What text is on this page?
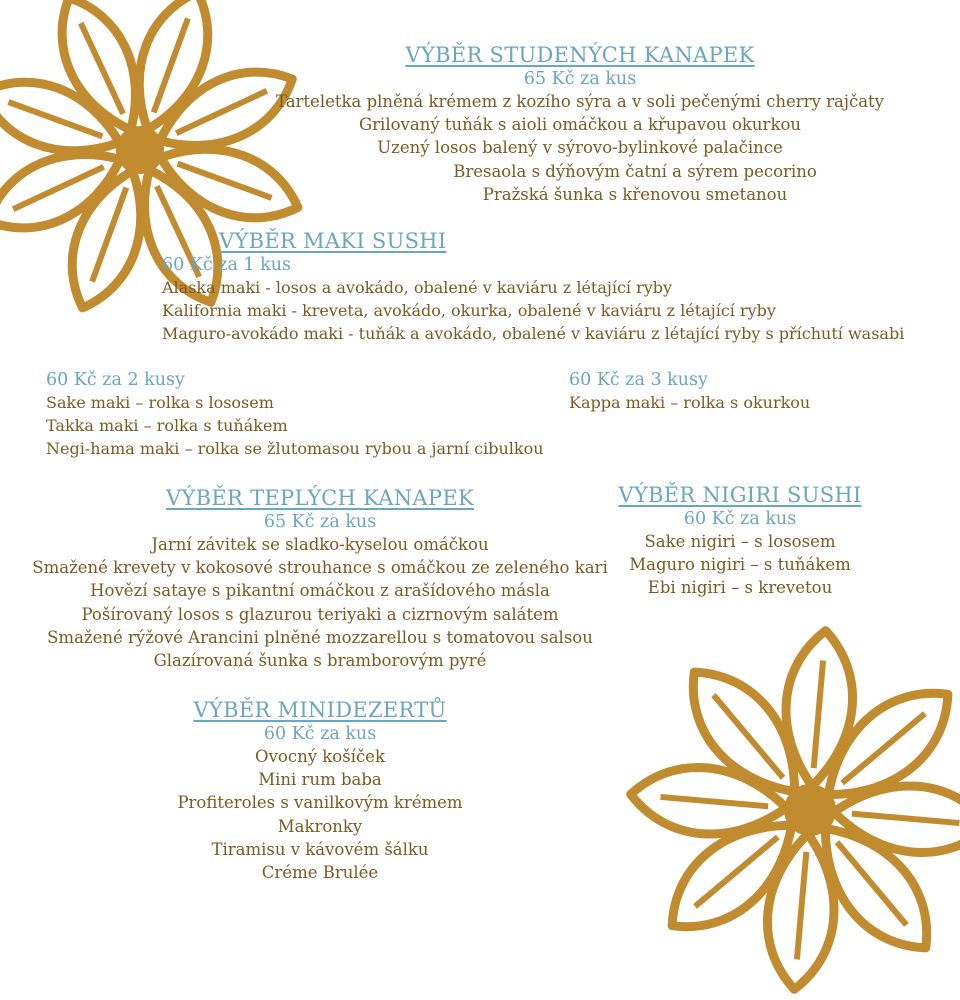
VÝBĚR STUDENÝCH KANAPEK
65 Kč za kus
Tarteletka plněná krémem z kozího sýra a v soli pečenými cherry rajčaty
Grilovaný tuňák s aioli omáčkou a křupavou okurkou
Uzený losos balený v sýrovo-bylinkové palačince
Bresaola s dýňovým čatní a sýrem pecorino
Pražská šunka s křenovou smetanou
VÝBĚR MAKI SUSHI
60 Kč za 1 kus
Alaska maki - losos a avokádo, obalené v kaviáru z létající ryby
Kalifornia maki - kreveta, avokádo, okurka, obalené v kaviáru z létající ryby
Maguro-avokádo maki - tuňák a avokádo, obalené v kaviáru z létající ryby s příchutí wasabi
60 Kč za 2 kusy
Sake maki – rolka s lososem
Takka maki – rolka s tuňákem
Negi-hama maki – rolka se žlutomasou rybou a jarní cibulkou
60 Kč za 3 kusy
Kappa maki – rolka s okurkou
VÝBĚR TEPLÝCH KANAPEK
65 Kč za kus
Jarní závitek se sladko-kyselou omáčkou
Smažené krevety v kokosové strouhance s omáčkou ze zeleného kari
Hovězí sataye s pikantní omáčkou z arašídového másla
Pošírovaný losos s glazurou teriyaki a cizrnovým salátem
Smažené rýžové Arancini plněné mozzarellou s tomatovou salsou
Glazírovaná šunka s bramborovým pyré
VÝBĚR NIGIRI SUSHI
60 Kč za kus
Sake nigiri – s lososem
Maguro nigiri – s tuňákem
Ebi nigiri – s krevetou
VÝBĚR MINIDEZERTŮ
60 Kč za kus
Ovocný košíček
Mini rum baba
Profiteroles s vanilkovým krémem
Makronky
Tiramisu v kávovém šálku
Créme Brulée
